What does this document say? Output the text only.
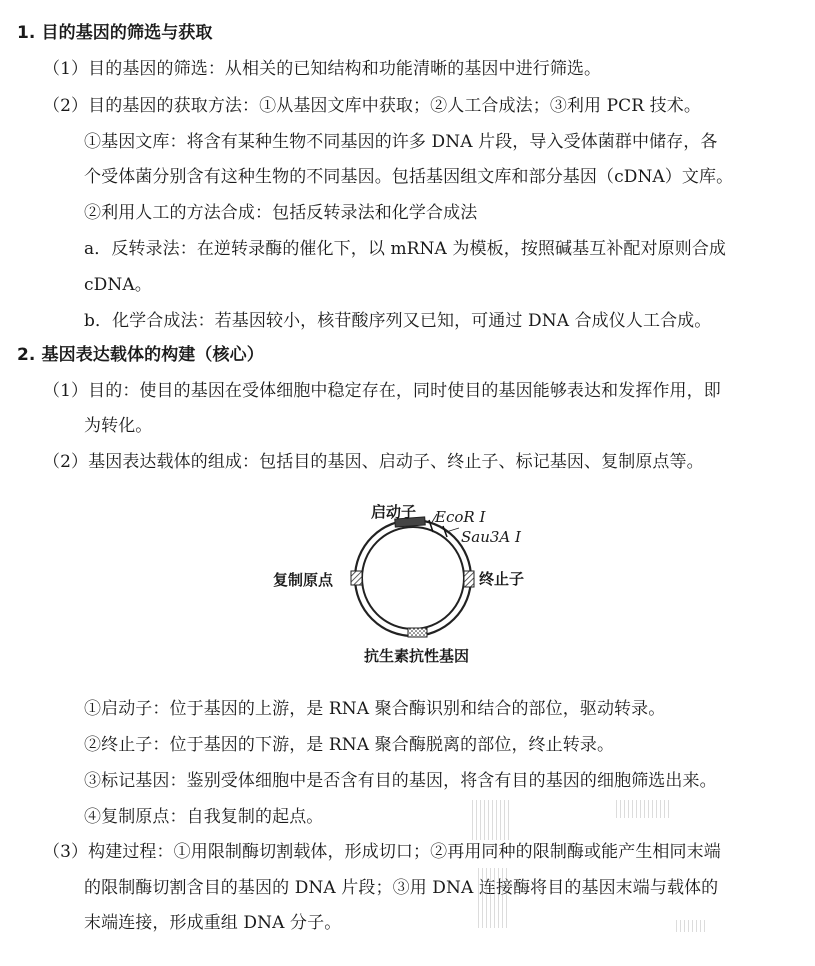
1. 目的基因的筛选与获取
（1）目的基因的筛选：从相关的已知结构和功能清晰的基因中进行筛选。
（2）目的基因的获取方法：①从基因文库中获取；②人工合成法；③利用 PCR 技术。
①基因文库：将含有某种生物不同基因的许多 DNA 片段，导入受体菌群中储存，各
个受体菌分别含有这种生物的不同基因。包括基因组文库和部分基因（cDNA）文库。
②利用人工的方法合成：包括反转录法和化学合成法
a．反转录法：在逆转录酶的催化下，以 mRNA 为模板，按照碱基互补配对原则合成
cDNA。
b．化学合成法：若基因较小，核苷酸序列又已知，可通过 DNA 合成仪人工合成。
2. 基因表达载体的构建（核心）
（1）目的：使目的基因在受体细胞中稳定存在，同时使目的基因能够表达和发挥作用，即
为转化。
（2）基因表达载体的组成：包括目的基因、启动子、终止子、标记基因、复制原点等。
启动子 EcoR Ⅰ
Sau3A Ⅰ
复制原点	终止子
抗生素抗性基因
①启动子：位于基因的上游，是 RNA 聚合酶识别和结合的部位，驱动转录。
②终止子：位于基因的下游，是 RNA 聚合酶脱离的部位，终止转录。
③标记基因：鉴别受体细胞中是否含有目的基因，将含有目的基因的细胞筛选出来。
④复制原点：自我复制的起点。
（3）构建过程：①用限制酶切割载体，形成切口；②再用同种的限制酶或能产生相同末端
的限制酶切割含目的基因的 DNA 片段；③用 DNA 连接酶将目的基因末端与载体的
末端连接，形成重组 DNA 分子。
